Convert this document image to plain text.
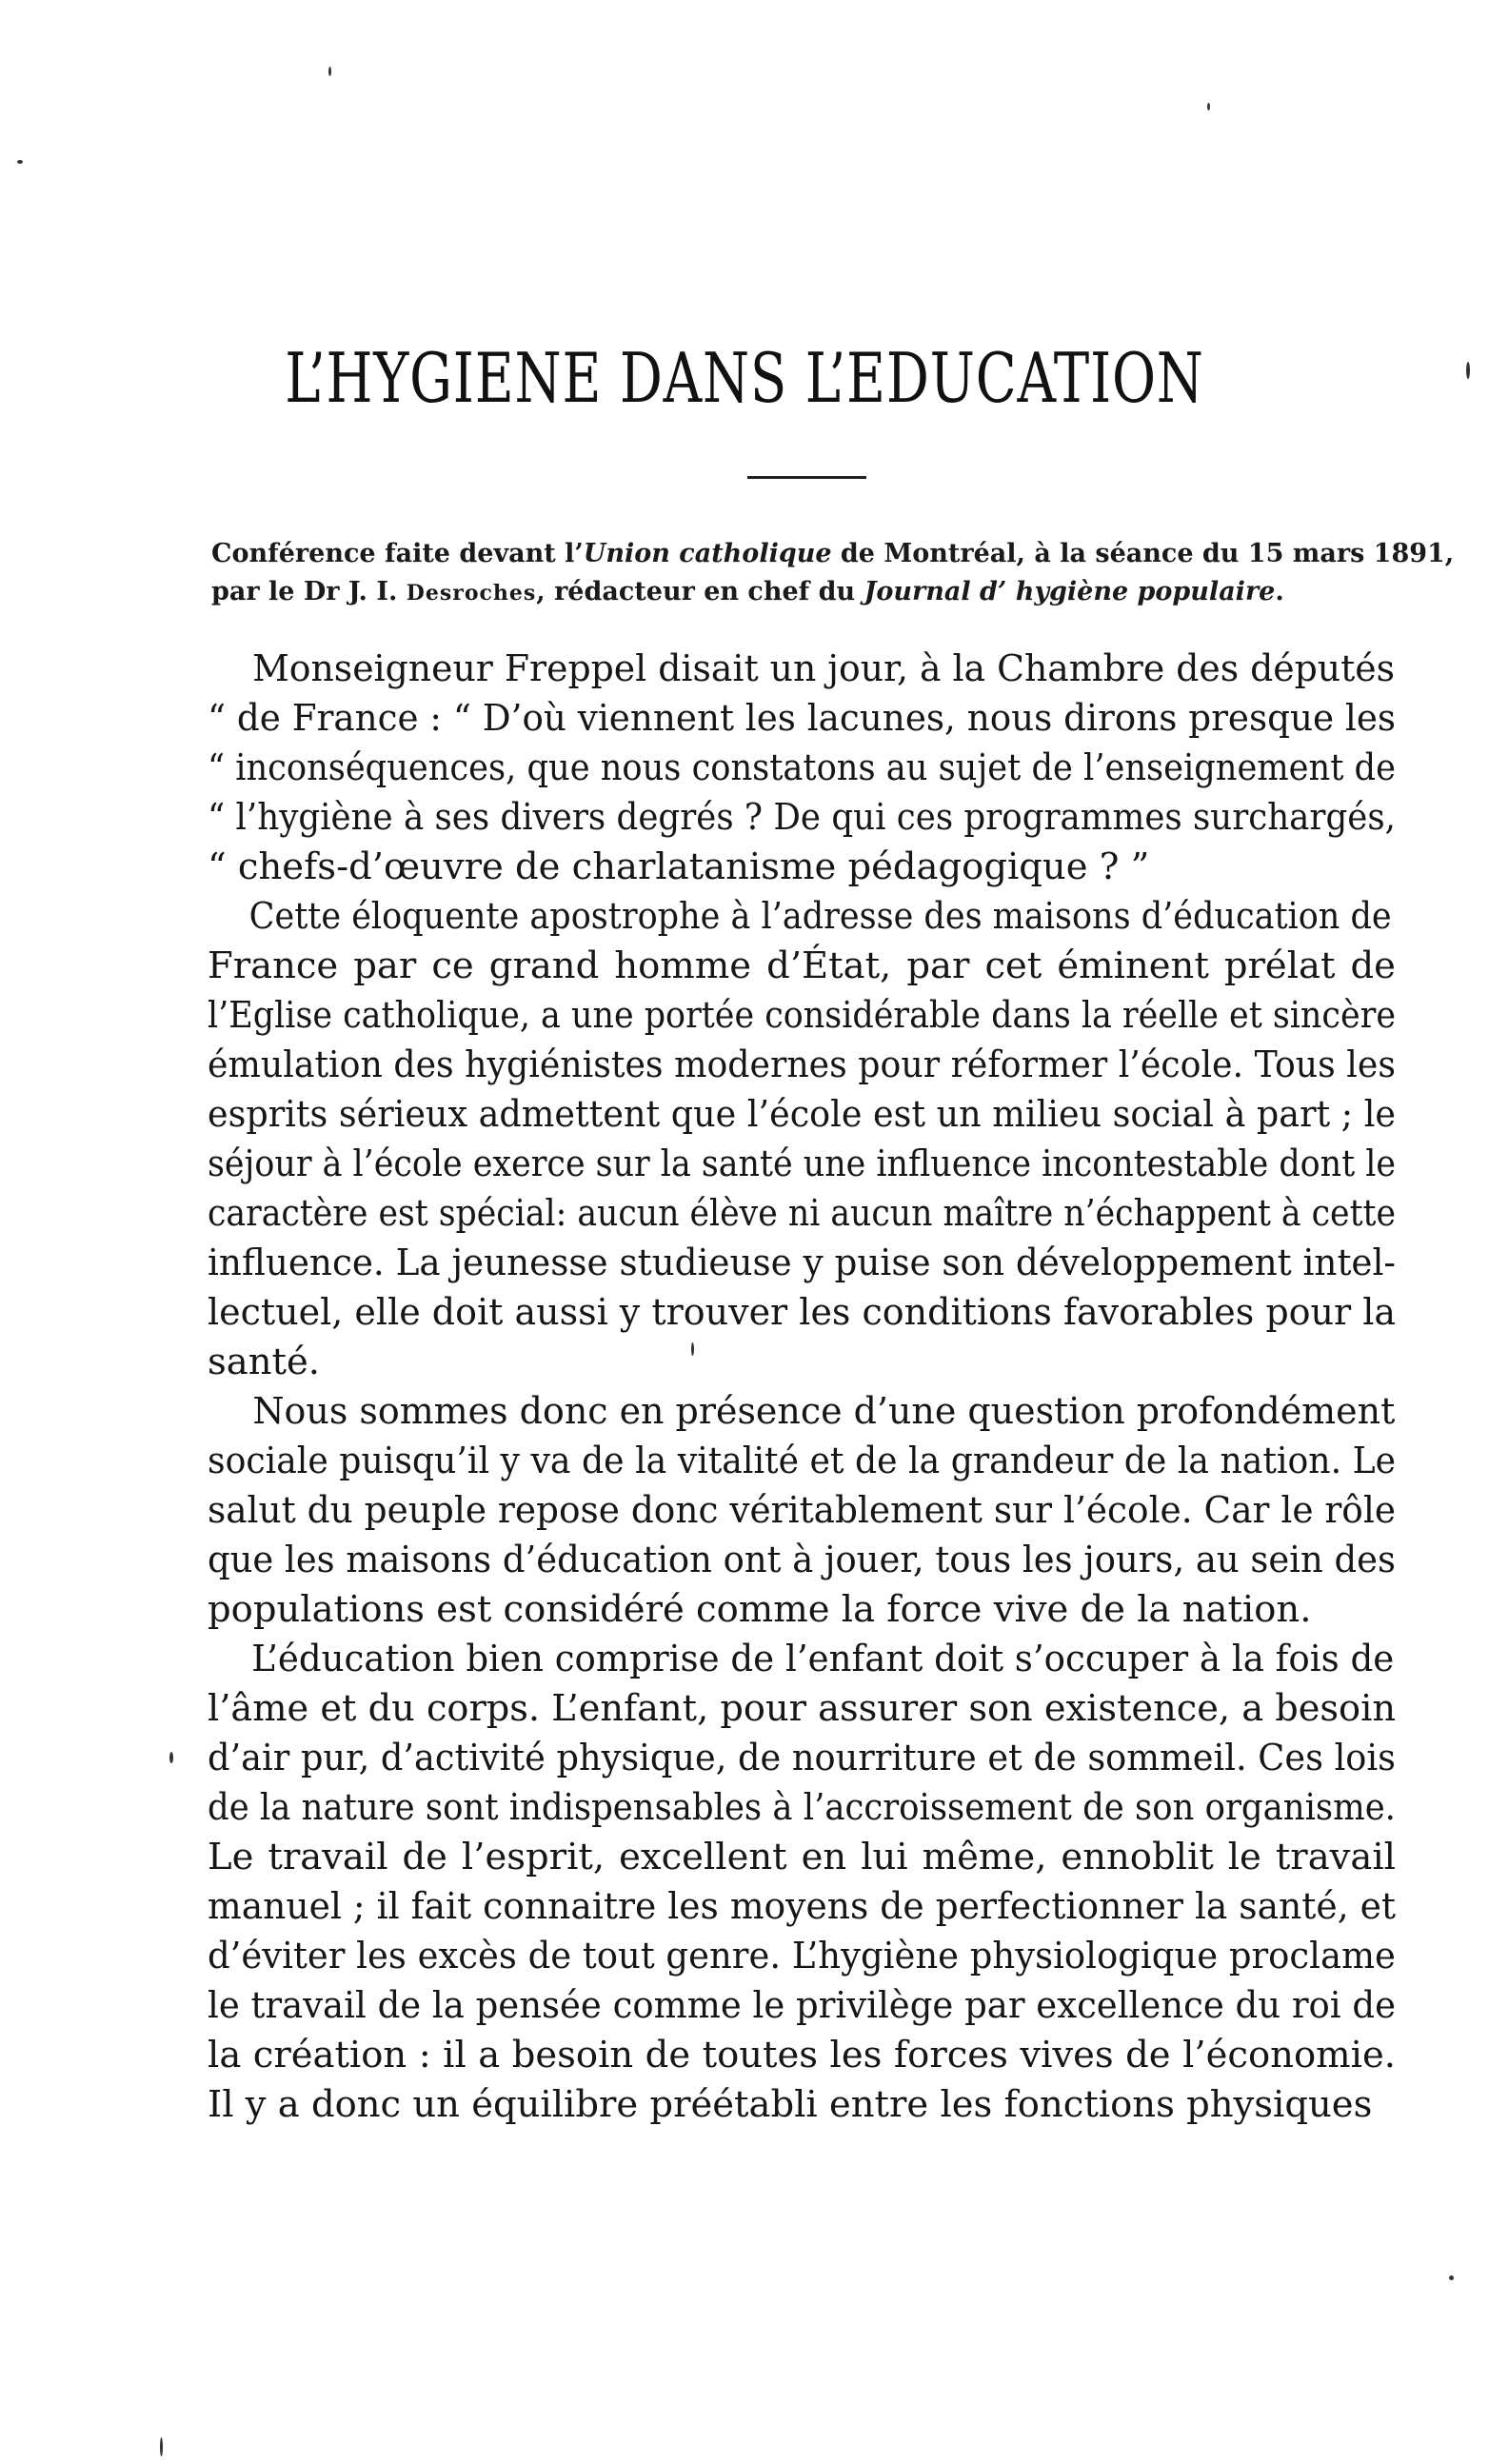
L’HYGIENE DANS L’EDUCATION
Conférence faite devant l’Union catholique de Montréal, à la séance du 15 mars 1891,
par le Dr J. I. Desroches, rédacteur en chef du Journal d’ hygiène populaire.
Monseigneur Freppel disait un jour, à la Chambre des députés
“ de France : “ D’où viennent les lacunes, nous dirons presque les
“ inconséquences, que nous constatons au sujet de l’enseignement de
“ l’hygiène à ses divers degrés ? De qui ces programmes surchargés,
“ chefs-d’œuvre de charlatanisme pédagogique ? ”
Cette éloquente apostrophe à l’adresse des maisons d’éducation de
France par ce grand homme d’État, par cet éminent prélat de
l’Eglise catholique, a une portée considérable dans la réelle et sincère
émulation des hygiénistes modernes pour réformer l’école. Tous les
esprits sérieux admettent que l’école est un milieu social à part ; le
séjour à l’école exerce sur la santé une influence incontestable dont le
caractère est spécial: aucun élève ni aucun maître n’échappent à cette
influence. La jeunesse studieuse y puise son développement intel-
lectuel, elle doit aussi y trouver les conditions favorables pour la
santé.
Nous sommes donc en présence d’une question profondément
sociale puisqu’il y va de la vitalité et de la grandeur de la nation. Le
salut du peuple repose donc véritablement sur l’école. Car le rôle
que les maisons d’éducation ont à jouer, tous les jours, au sein des
populations est considéré comme la force vive de la nation.
L’éducation bien comprise de l’enfant doit s’occuper à la fois de
l’âme et du corps. L’enfant, pour assurer son existence, a besoin
d’air pur, d’activité physique, de nourriture et de sommeil. Ces lois
de la nature sont indispensables à l’accroissement de son organisme.
Le travail de l’esprit, excellent en lui même, ennoblit le travail
manuel ; il fait connaitre les moyens de perfectionner la santé, et
d’éviter les excès de tout genre. L’hygiène physiologique proclame
le travail de la pensée comme le privilège par excellence du roi de
la création : il a besoin de toutes les forces vives de l’économie.
Il y a donc un équilibre préétabli entre les fonctions physiques
